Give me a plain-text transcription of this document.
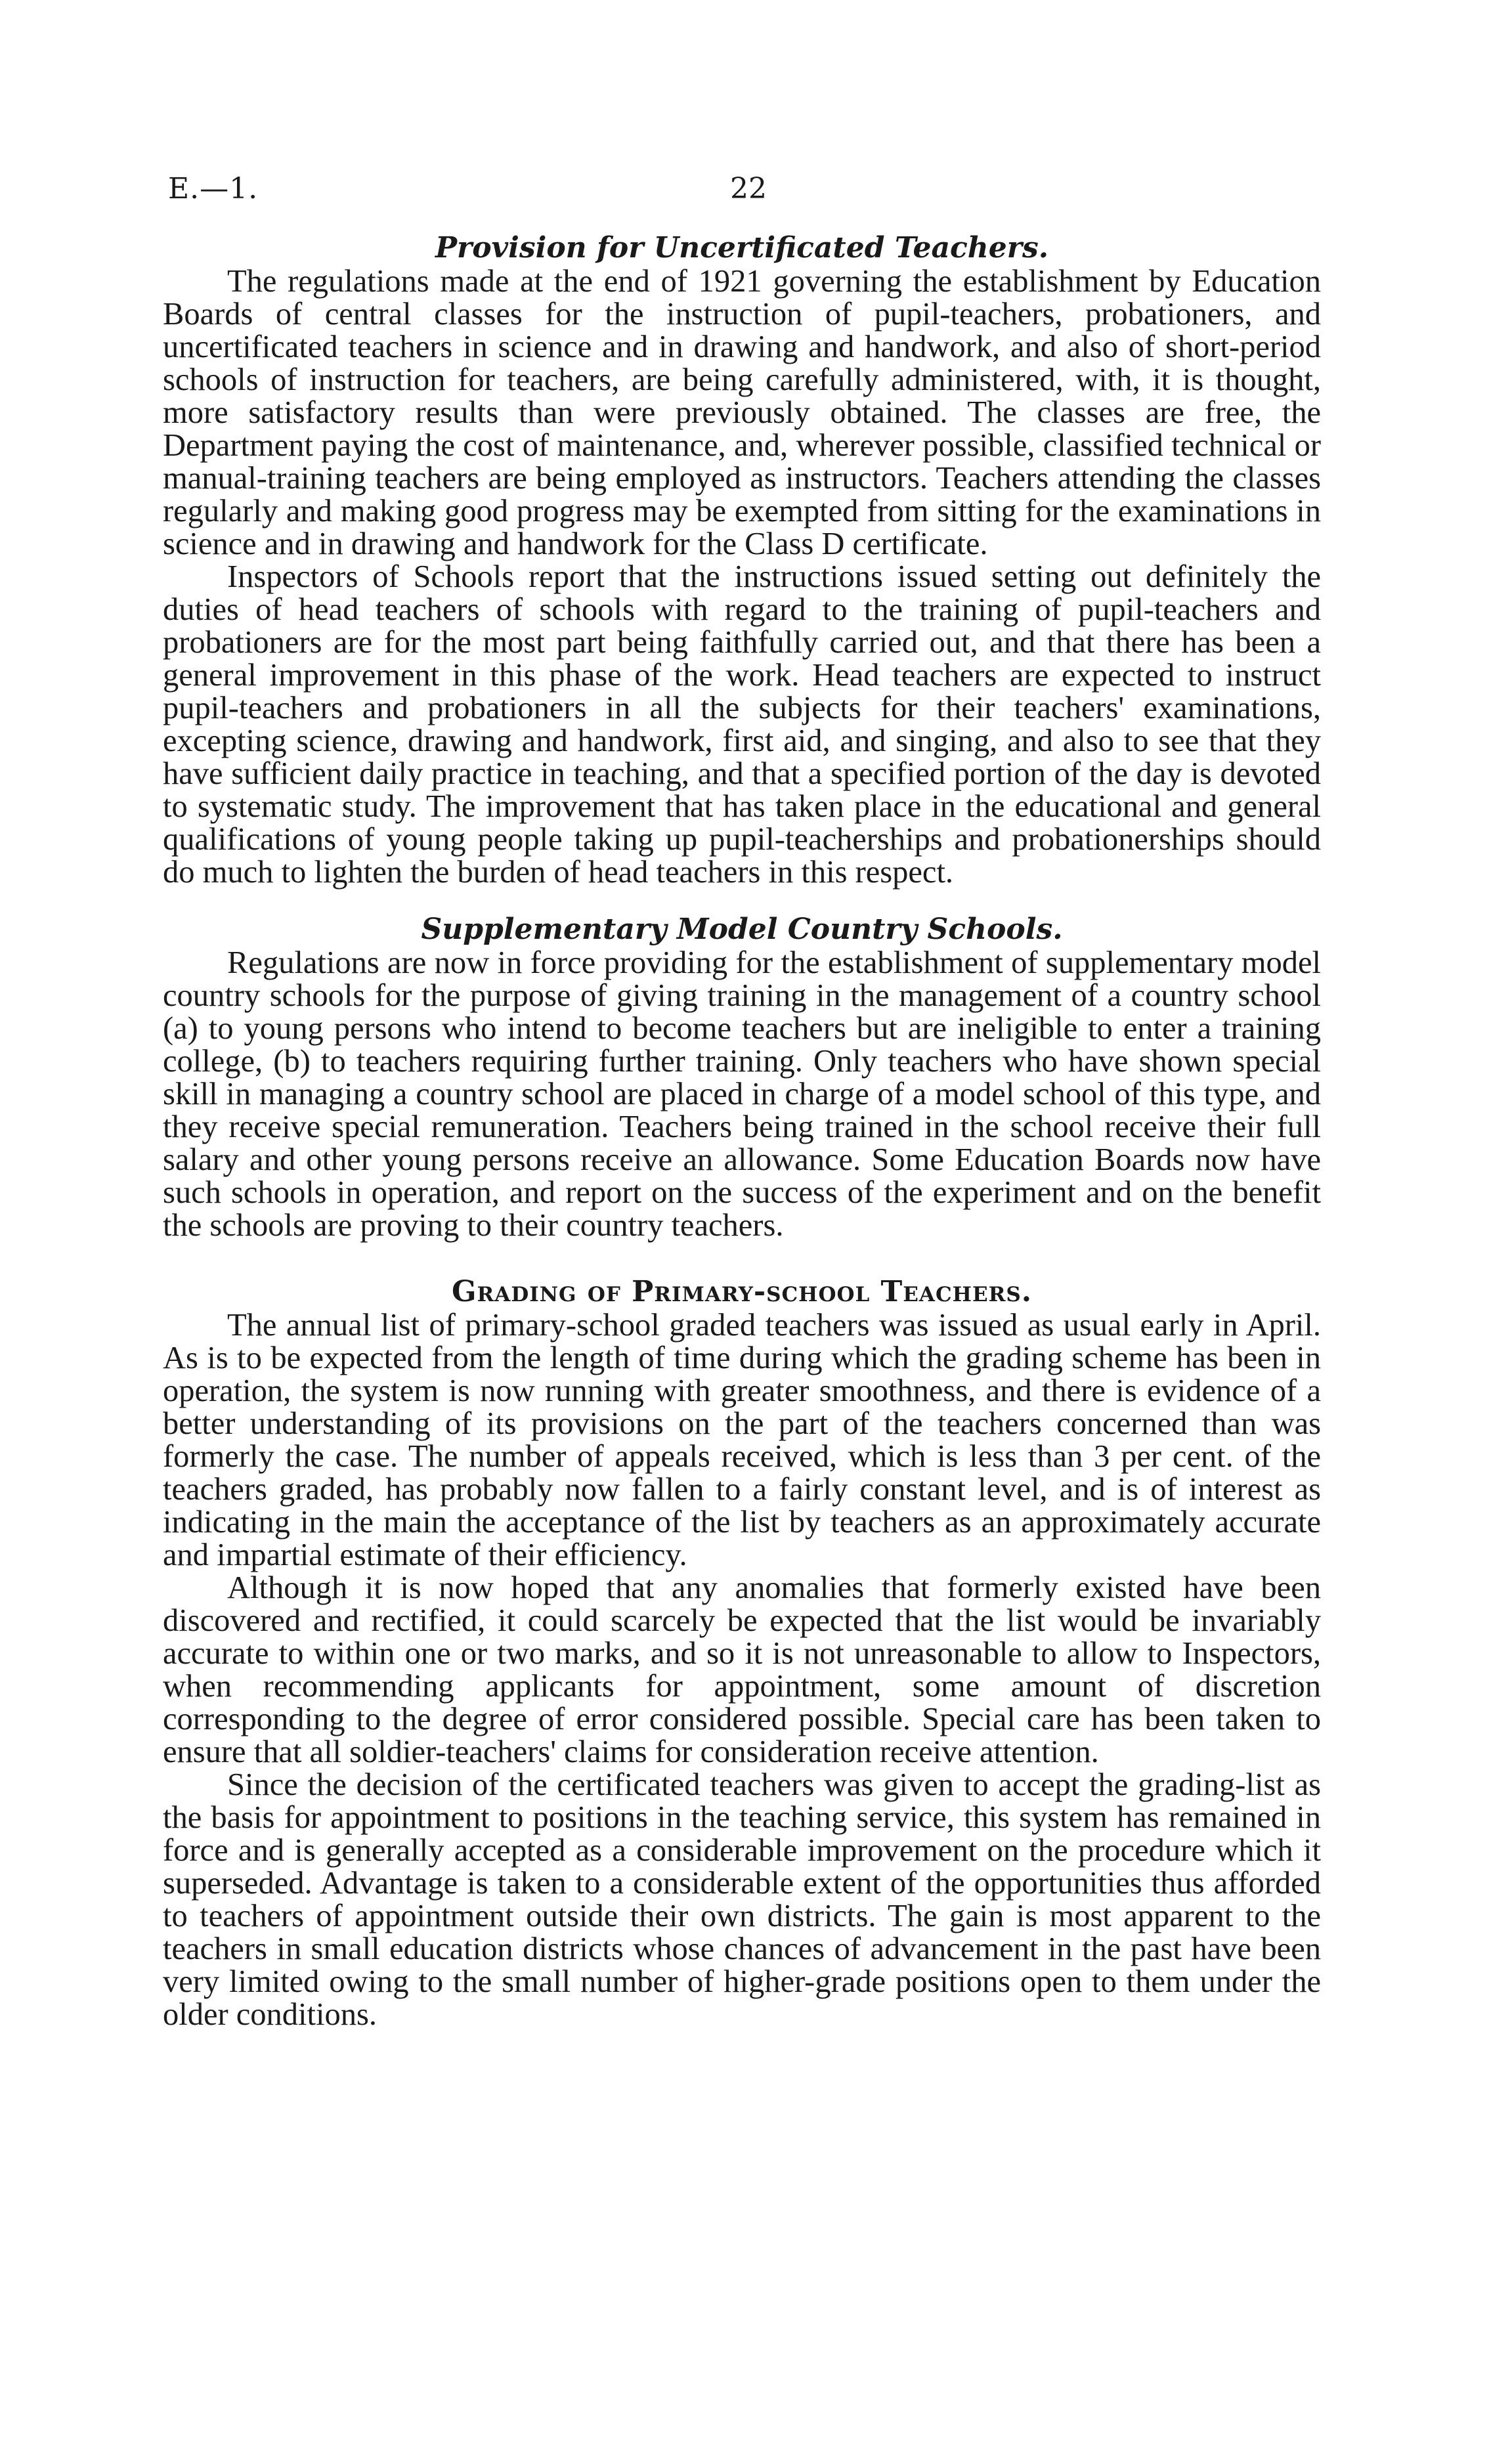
E.—1.	22
Provision for Uncertificated Teachers.

The regulations made at the end of 1921 governing the establishment by Education Boards of central classes for the instruction of pupil-teachers, probationers, and uncertificated teachers in science and in drawing and handwork, and also of short-period schools of instruction for teachers, are being carefully administered, with, it is thought, more satisfactory results than were previously obtained. The classes are free, the Department paying the cost of maintenance, and, wherever possible, classified technical or manual-training teachers are being employed as instructors. Teachers attending the classes regularly and making good progress may be exempted from sitting for the examinations in science and in drawing and handwork for the Class D certificate.

Inspectors of Schools report that the instructions issued setting out definitely the duties of head teachers of schools with regard to the training of pupil-teachers and probationers are for the most part being faithfully carried out, and that there has been a general improvement in this phase of the work. Head teachers are expected to instruct pupil-teachers and probationers in all the subjects for their teachers' examinations, excepting science, drawing and handwork, first aid, and singing, and also to see that they have sufficient daily practice in teaching, and that a specified portion of the day is devoted to systematic study. The improvement that has taken place in the educational and general qualifications of young people taking up pupil-teacherships and probationerships should do much to lighten the burden of head teachers in this respect.

Supplementary Model Country Schools.

Regulations are now in force providing for the establishment of supplementary model country schools for the purpose of giving training in the management of a country school (a) to young persons who intend to become teachers but are ineligible to enter a training college, (b) to teachers requiring further training. Only teachers who have shown special skill in managing a country school are placed in charge of a model school of this type, and they receive special remuneration. Teachers being trained in the school receive their full salary and other young persons receive an allowance. Some Education Boards now have such schools in operation, and report on the success of the experiment and on the benefit the schools are proving to their country teachers.

Grading of Primary-school Teachers.

The annual list of primary-school graded teachers was issued as usual early in April. As is to be expected from the length of time during which the grading scheme has been in operation, the system is now running with greater smoothness, and there is evidence of a better understanding of its provisions on the part of the teachers concerned than was formerly the case. The number of appeals received, which is less than 3 per cent. of the teachers graded, has probably now fallen to a fairly constant level, and is of interest as indicating in the main the acceptance of the list by teachers as an approximately accurate and impartial estimate of their efficiency.

Although it is now hoped that any anomalies that formerly existed have been discovered and rectified, it could scarcely be expected that the list would be invariably accurate to within one or two marks, and so it is not unreasonable to allow to Inspectors, when recommending applicants for appointment, some amount of discretion corresponding to the degree of error considered possible. Special care has been taken to ensure that all soldier-teachers' claims for consideration receive attention.

Since the decision of the certificated teachers was given to accept the grading-list as the basis for appointment to positions in the teaching service, this system has remained in force and is generally accepted as a considerable improvement on the procedure which it superseded. Advantage is taken to a considerable extent of the opportunities thus afforded to teachers of appointment outside their own districts. The gain is most apparent to the teachers in small education districts whose chances of advancement in the past have been very limited owing to the small number of higher-grade positions open to them under the older conditions.
